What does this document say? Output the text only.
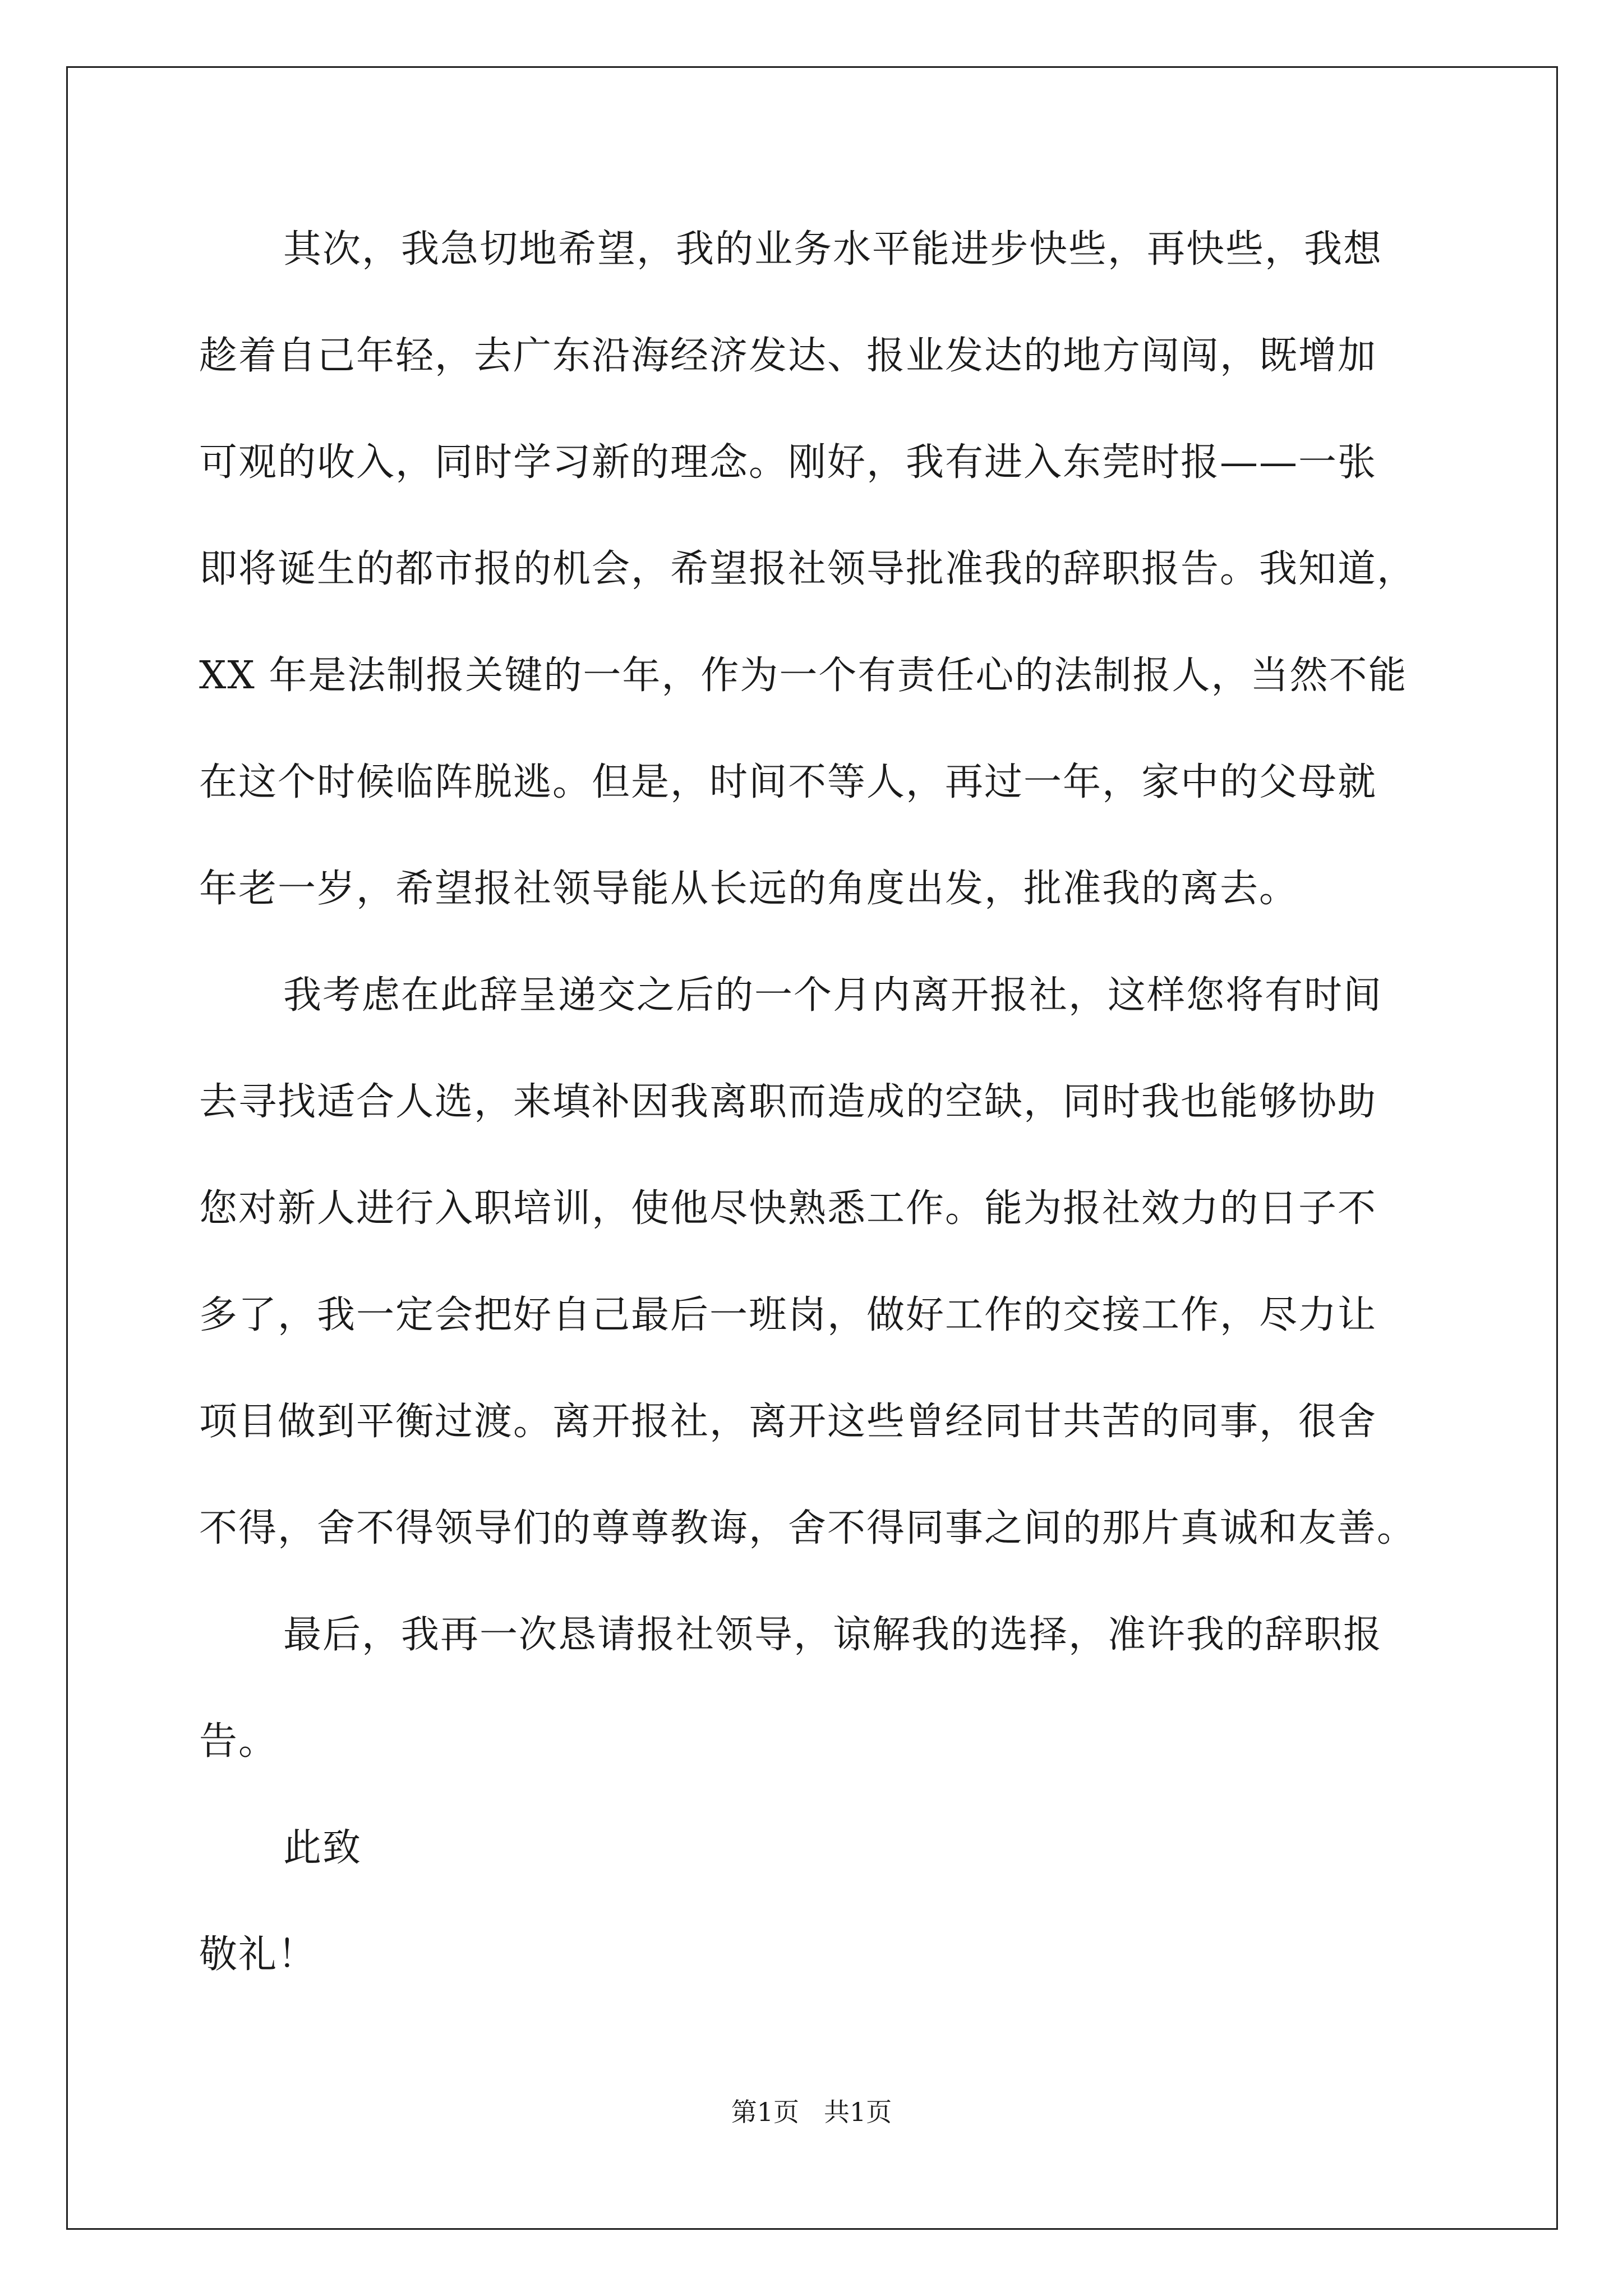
其次，我急切地希望，我的业务水平能进步快些，再快些，我想
趁着自己年轻，去广东沿海经济发达、报业发达的地方闯闯，既增加
可观的收入，同时学习新的理念。刚好，我有进入东莞时报——一张
即将诞生的都市报的机会，希望报社领导批准我的辞职报告。我知道，
XX 年是法制报关键的一年，作为一个有责任心的法制报人，当然不能
在这个时候临阵脱逃。但是，时间不等人，再过一年，家中的父母就
年老一岁，希望报社领导能从长远的角度出发，批准我的离去。
我考虑在此辞呈递交之后的一个月内离开报社，这样您将有时间
去寻找适合人选，来填补因我离职而造成的空缺，同时我也能够协助
您对新人进行入职培训，使他尽快熟悉工作。能为报社效力的日子不
多了，我一定会把好自己最后一班岗，做好工作的交接工作，尽力让
项目做到平衡过渡。离开报社，离开这些曾经同甘共苦的同事，很舍
不得，舍不得领导们的尊尊教诲，舍不得同事之间的那片真诚和友善。
最后，我再一次恳请报社领导，谅解我的选择，准许我的辞职报
告。
此致
敬礼！
第1页 共1页
